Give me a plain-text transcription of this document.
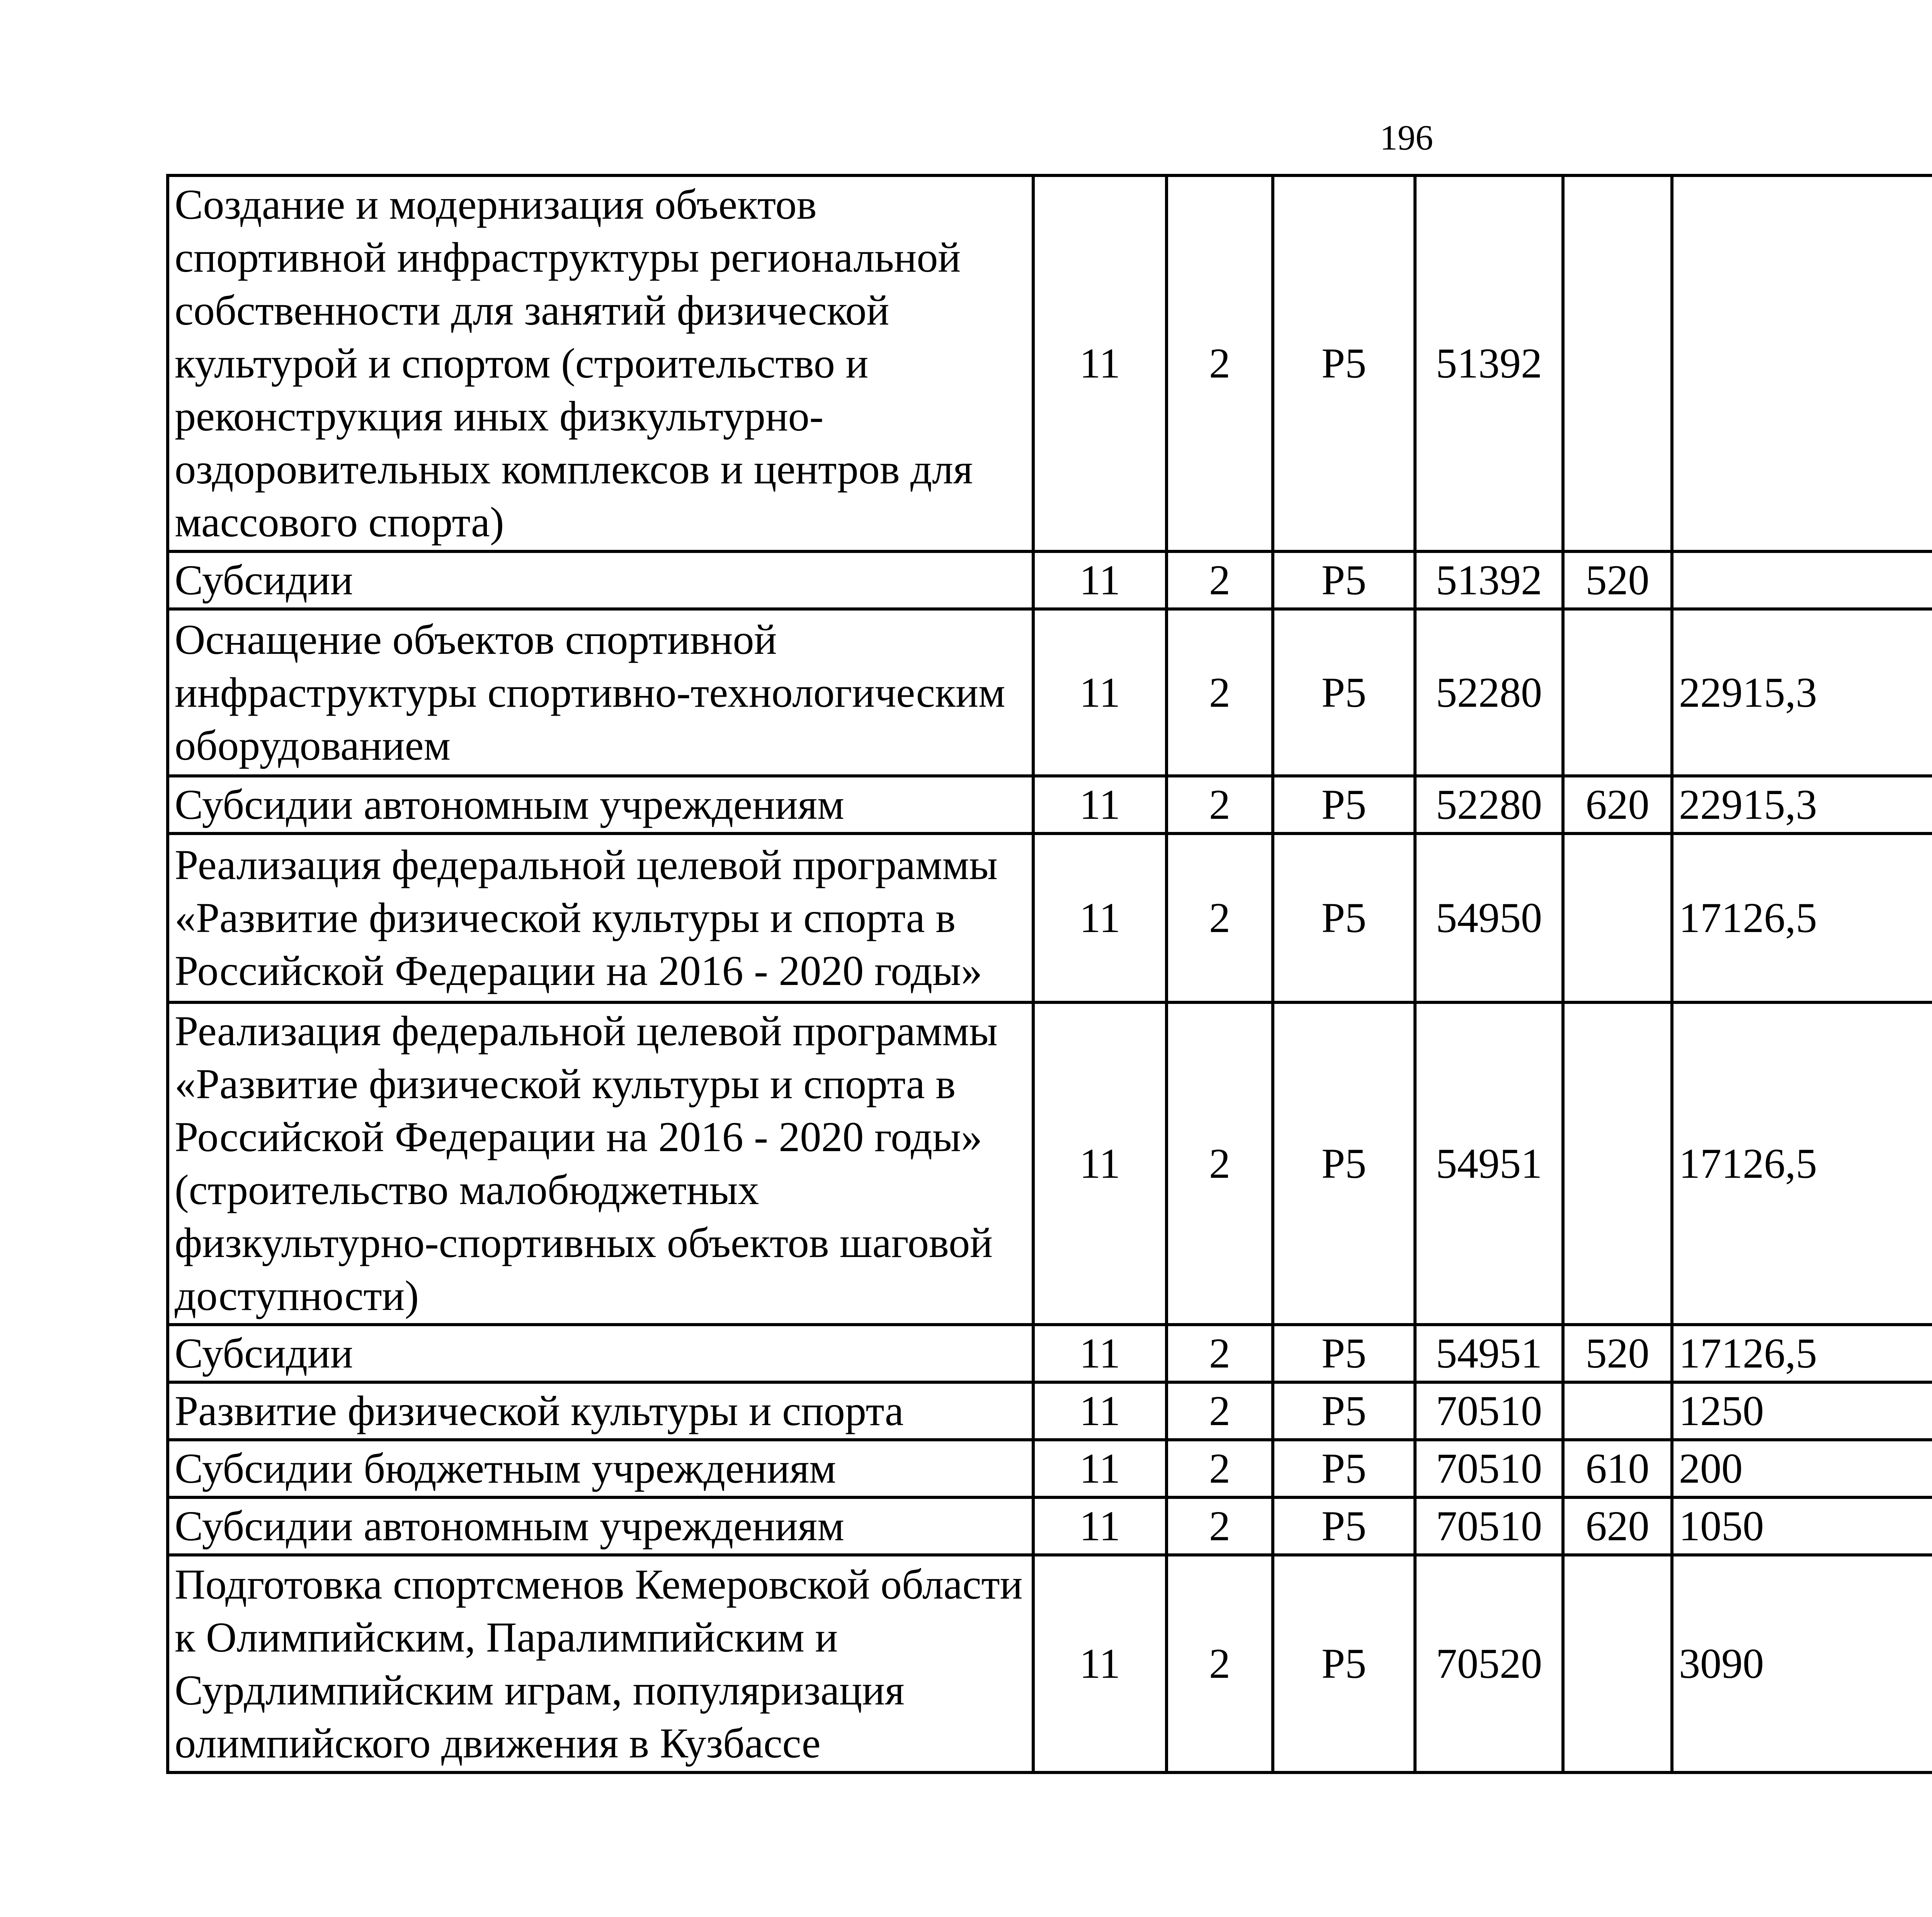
196
Создание и модернизация объектов спортивной инфраструктуры региональной собственности для занятий физической культурой и спортом (строительство и реконструкция иных физкультурно-оздоровительных комплексов и центров для массового спорта)	11	2	Р5	51392				
Субсидии	11	2	Р5	51392	520			
Оснащение объектов спортивной инфраструктуры спортивно-технологическим оборудованием	11	2	Р5	52280		22915,3		
Субсидии автономным учреждениям	11	2	Р5	52280	620	22915,3		
Реализация федеральной целевой программы «Развитие физической культуры и спорта в Российской Федерации на 2016 - 2020 годы»	11	2	Р5	54950		17126,5		
Реализация федеральной целевой программы «Развитие физической культуры и спорта в Российской Федерации на 2016 - 2020 годы» (строительство малобюджетных физкультурно-спортивных объектов шаговой доступности)	11	2	Р5	54951		17126,5		
Субсидии	11	2	Р5	54951	520	17126,5		
Развитие физической культуры и спорта	11	2	Р5	70510		1250		
Субсидии бюджетным учреждениям	11	2	Р5	70510	610	200		
Субсидии автономным учреждениям	11	2	Р5	70510	620	1050		
Подготовка спортсменов Кемеровской области к Олимпийским, Паралимпийским и Сурдлимпийским играм, популяризация олимпийского движения в Кузбассе	11	2	Р5	70520		3090		
